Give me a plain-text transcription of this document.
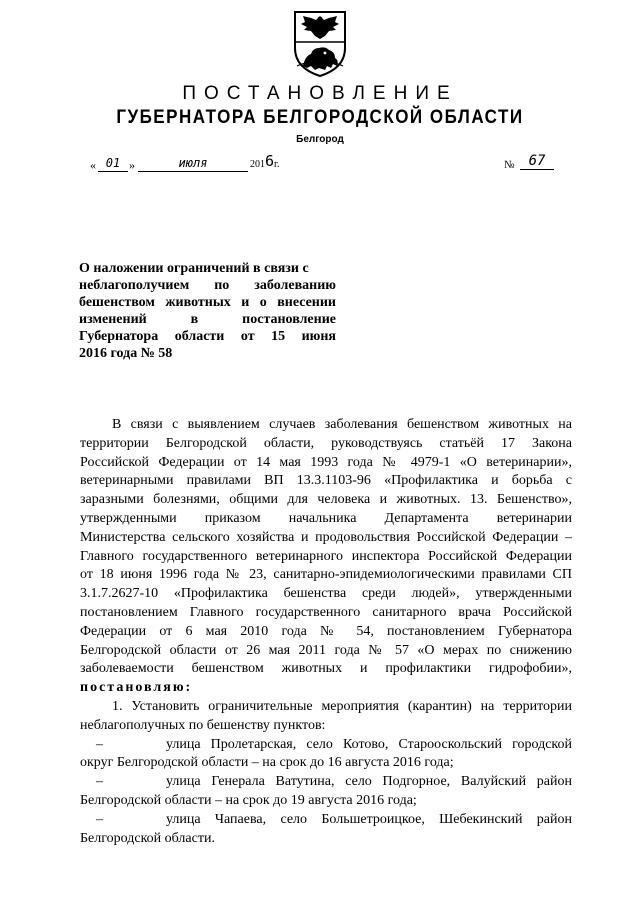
ПОСТАНОВЛЕНИЕ
ГУБЕРНАТОРА БЕЛГОРОДСКОЙ ОБЛАСТИ
Белгород
« 01 »	июля	201 6 г.	№	67
О наложении ограничений в связи с
неблагополучием по заболеванию
бешенством животных и о внесении
изменений в постановление
Губернатора области от 15 июня
2016 года № 58
В связи с выявлением случаев заболевания бешенством животных на
территории Белгородской области, руководствуясь статьёй 17 Закона
Российской Федерации от 14 мая 1993 года № 4979-1 «О ветеринарии»,
ветеринарными правилами ВП 13.3.1103-96 «Профилактика и борьба с
заразными болезнями, общими для человека и животных. 13. Бешенство»,
утвержденными приказом начальника Департамента ветеринарии
Министерства сельского хозяйства и продовольствия Российской Федерации –
Главного государственного ветеринарного инспектора Российской Федерации
от 18 июня 1996 года № 23, санитарно-эпидемиологическими правилами СП
3.1.7.2627-10 «Профилактика бешенства среди людей», утвержденными
постановлением Главного государственного санитарного врача Российской
Федерации от 6 мая 2010 года № 54, постановлением Губернатора
Белгородской области от 26 мая 2011 года № 57 «О мерах по снижению
заболеваемости бешенством животных и профилактики гидрофобии»,
постановляю:
1. Установить ограничительные мероприятия (карантин) на территории
неблагополучных по бешенству пунктов:
–	улица Пролетарская, село Котово, Старооскольский городской
округ Белгородской области – на срок до 16 августа 2016 года;
–	улица Генерала Ватутина, село Подгорное, Валуйский район
Белгородской области – на срок до 19 августа 2016 года;
–	улица Чапаева, село Большетроицкое, Шебекинский район
Белгородской области.
